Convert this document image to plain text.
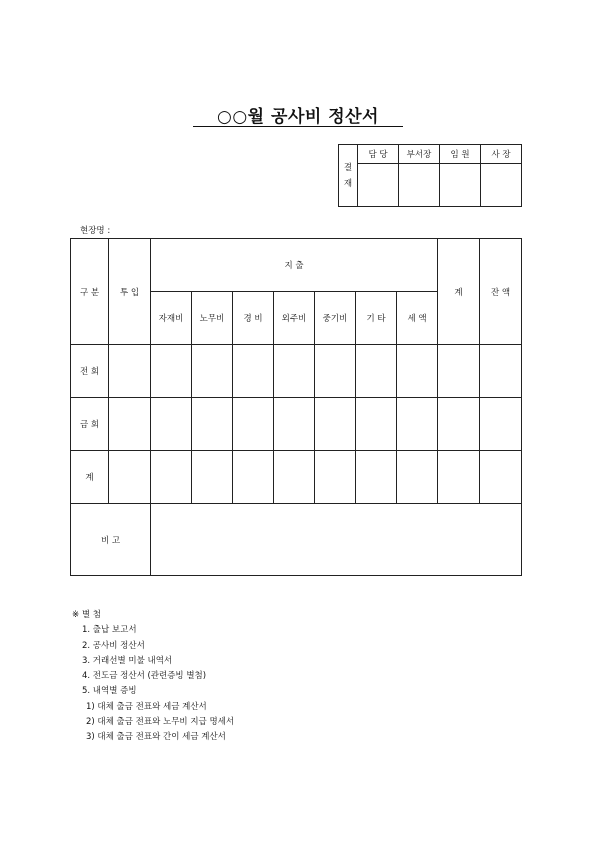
○○월 공사비 정산서
결
재	담 당	부서장	임 원	사 장

현장명 :
구 분	투 입	지 출							계	잔 액
		자재비	노무비	경 비	외주비	중기비	기 타	세 액		
전 회										
금 회										
계										
비 고										
※ 별 첨
1. 출납 보고서
2. 공사비 정산서
3. 거래선별 미불 내역서
4. 전도금 정산서 (관련증빙 별첨)
5. 내역별 증빙
1) 대체 출금 전표와 세금 계산서
2) 대체 출금 전표와 노무비 지급 명세서
3) 대체 출금 전표와 간이 세금 계산서
